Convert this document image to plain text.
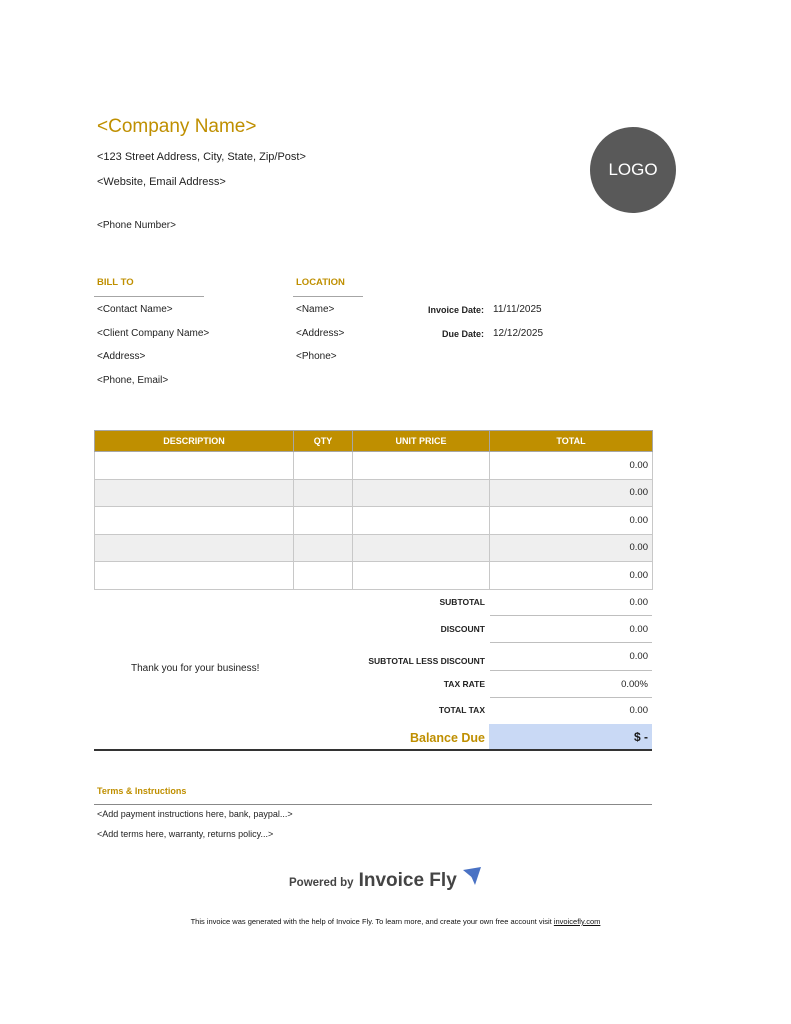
<Company Name>
<123 Street Address, City, State, Zip/Post>
<Website, Email Address>
<Phone Number>
LOGO
BILL TO
<Contact Name>
<Client Company Name>
<Address>
<Phone, Email>
LOCATION
<Name>
<Address>
<Phone>
Invoice Date: 11/11/2025
Due Date: 12/12/2025
DESCRIPTION	QTY	UNIT PRICE	TOTAL
			0.00
			0.00
			0.00
			0.00
			0.00
SUBTOTAL	0.00
DISCOUNT	0.00
SUBTOTAL LESS DISCOUNT	0.00
Thank you for your business!
TAX RATE	0.00%
TOTAL TAX	0.00
Balance Due	$ -
Terms & Instructions
<Add payment instructions here, bank, paypal...>
<Add terms here, warranty, returns policy...>
Powered by Invoice Fly
This invoice was generated with the help of Invoice Fly. To learn more, and create your own free account visit invoicefly.com
